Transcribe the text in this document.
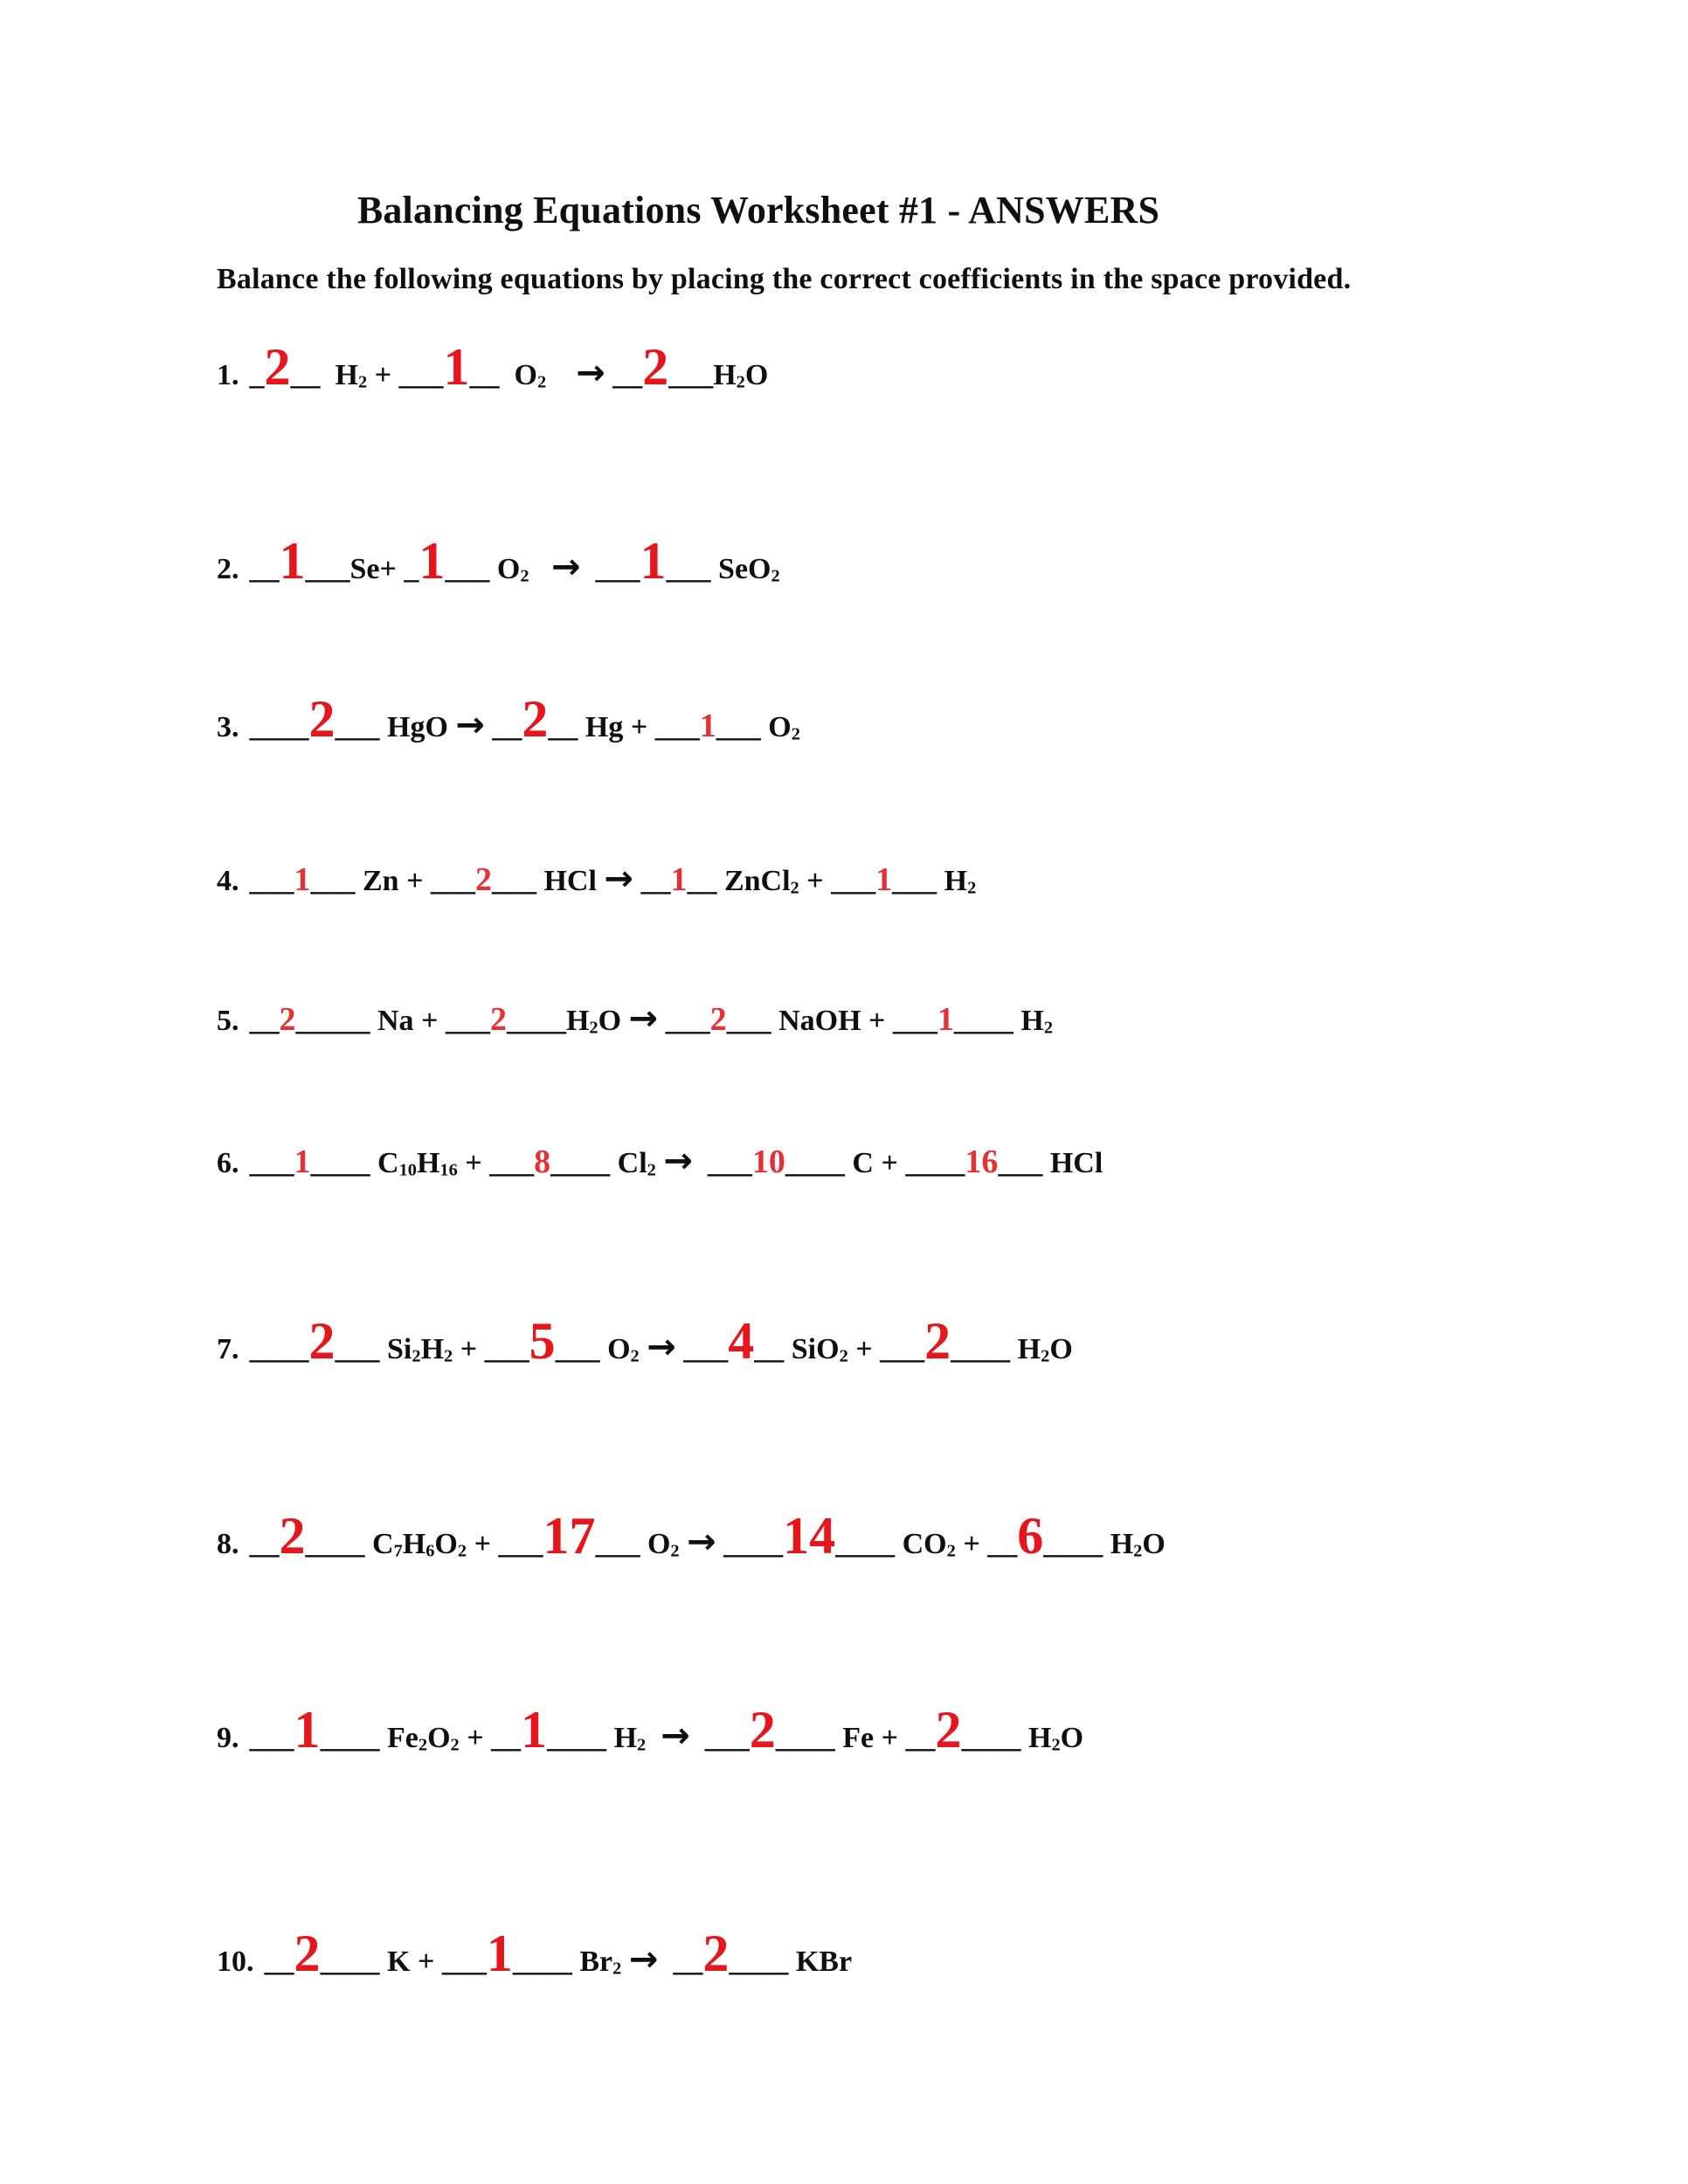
Balancing Equations Worksheet #1 - ANSWERS
Balance the following equations by placing the correct coefficients in the space provided.
1. _ 2 __ H2 + ___ 1 __ O2 →
__ 2 ___ H2O
2. __ 1 ___ Se+ _ 1 ___ O2 →
___ 1 ___ SeO2
3. ____ 2 ___ HgO →
__ 2 __ Hg + ___ 1 ___ O2
4. ___ 1 ___ Zn + ___ 2 ___ HCl →
__ 1 __ ZnCl2 + ___ 1 ___ H2
5. __ 2 _____ Na + ___ 2 ____ H2O →
___ 2 ___ NaOH + ___ 1 ____ H2
6. ___ 1 ____ C10H16 + ___ 8 ____ Cl2 →
___ 10 ____ C + ____ 16 ___ HCl
7. ____ 2 ___ Si2H2 + ___ 5 ___ O2 →
___ 4 __ SiO2 + ___ 2 ____ H2O
8. __ 2 ____ C7H6O2 + ___ 17 ___ O2 →
____ 14 ____ CO2 + __ 6 ____ H2O
9. ___ 1 ____ Fe2O2 + __ 1 ____ H2 →
___ 2 ____ Fe + __ 2 ____ H2O
10. __ 2 ____ K + ___ 1 ____ Br2 →
__ 2 ____ KBr
